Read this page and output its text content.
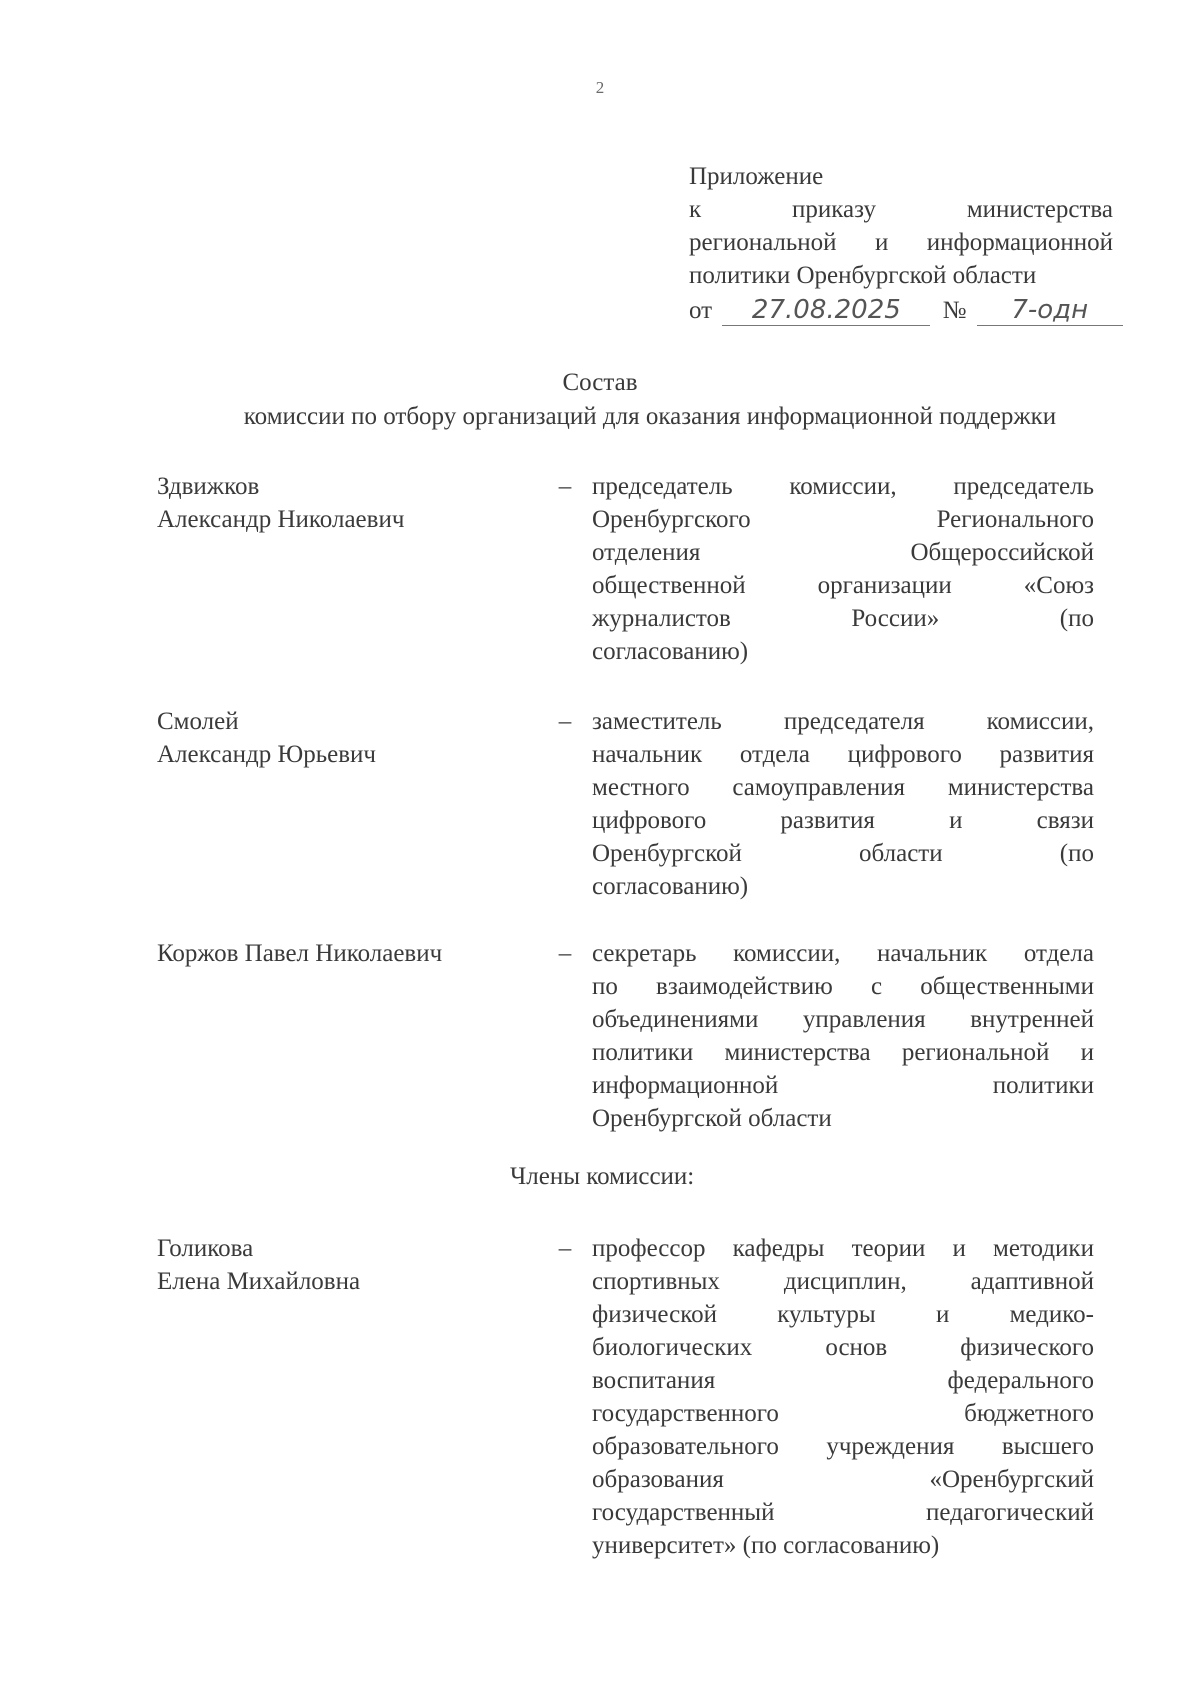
2
Приложение
к	приказу	министерства
региональной и информационной
политики Оренбургской области
от 27.08.2025 № 7-одн
Состав
комиссии по отбору организаций для оказания информационной поддержки
Здвижков
Александр Николаевич
– председатель комиссии, председатель
Оренбургского	Регионального
отделения	Общероссийской
общественной	организации	«Союз
журналистов	России»	(по
согласованию)
Смолей
Александр Юрьевич
– заместитель председателя комиссии,
начальник отдела цифрового развития
местного самоуправления министерства
цифрового	развития	и	связи
Оренбургской	области	(по
согласованию)
Коржов Павел Николаевич	– секретарь комиссии, начальник отдела
по взаимодействию с общественными
объединениями управления внутренней
политики министерства региональной и
информационной	политики
Оренбургской области
Члены комиссии:
Голикова
Елена Михайловна
– профессор кафедры теории и методики
спортивных	дисциплин,	адаптивной
физической культуры и медико-
биологических	основ	физического
воспитания	федерального
государственного	бюджетного
образовательного учреждения высшего
образования	«Оренбургский
государственный	педагогический
университет» (по согласованию)
